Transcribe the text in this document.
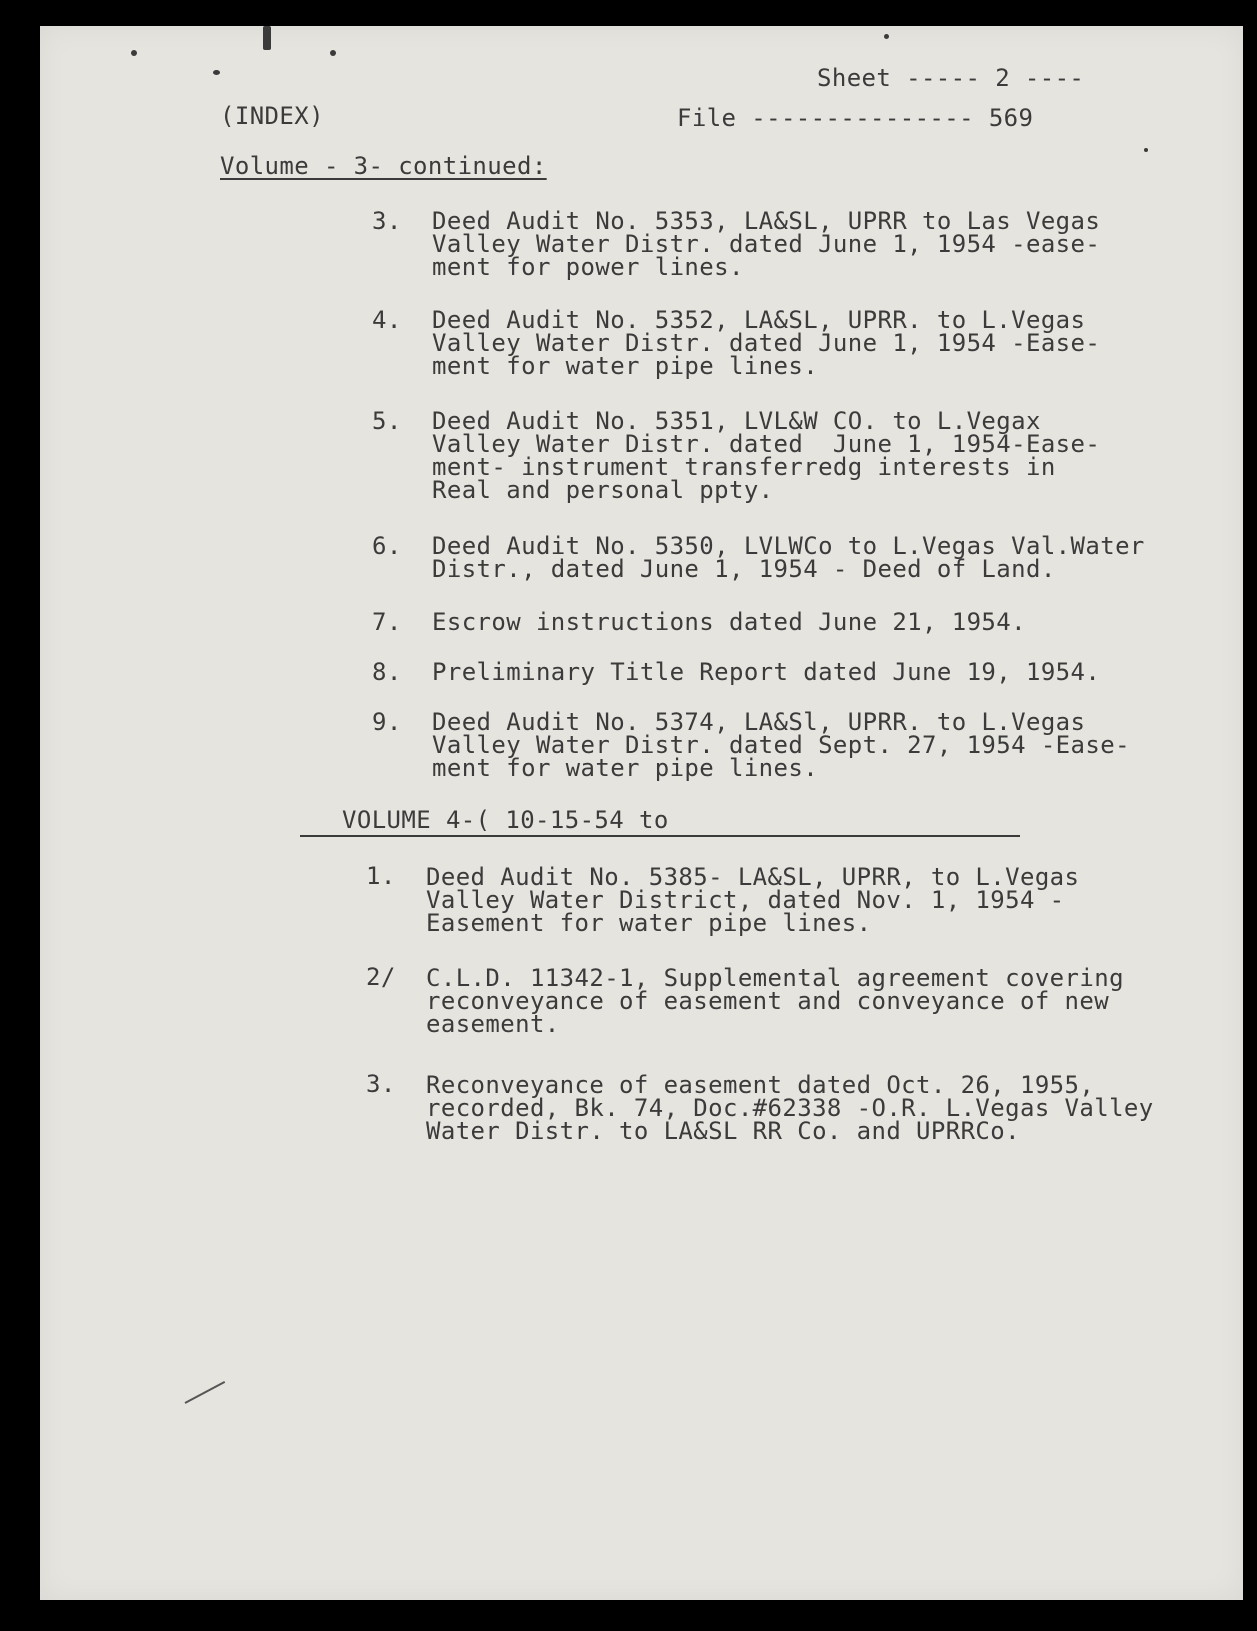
Sheet ----- 2 ----
(INDEX)	File --------------- 569
Volume - 3- continued:
3. Deed Audit No. 5353, LA&SL, UPRR to Las Vegas
Valley Water Distr. dated June 1, 1954 -ease-
ment for power lines.
4. Deed Audit No. 5352, LA&SL, UPRR. to L.Vegas
Valley Water Distr. dated June 1, 1954 -Ease-
ment for water pipe lines.
5. Deed Audit No. 5351, LVL&W CO. to L.Vegax
Valley Water Distr. dated  June 1, 1954-Ease-
ment- instrument transferredg interests in
Real and personal ppty.
6. Deed Audit No. 5350, LVLWCo to L.Vegas Val.Water
Distr., dated June 1, 1954 - Deed of Land.
7. Escrow instructions dated June 21, 1954.
8. Preliminary Title Report dated June 19, 1954.
9. Deed Audit No. 5374, LA&Sl, UPRR. to L.Vegas
Valley Water Distr. dated Sept. 27, 1954 -Ease-
ment for water pipe lines.
VOLUME 4-( 10-15-54 to
1. Deed Audit No. 5385- LA&SL, UPRR, to L.Vegas
Valley Water District, dated Nov. 1, 1954 -
Easement for water pipe lines.
2/ C.L.D. 11342-1, Supplemental agreement covering
reconveyance of easement and conveyance of new
easement.
3. Reconveyance of easement dated Oct. 26, 1955,
recorded, Bk. 74, Doc.#62338 -O.R. L.Vegas Valley
Water Distr. to LA&SL RR Co. and UPRRCo.
